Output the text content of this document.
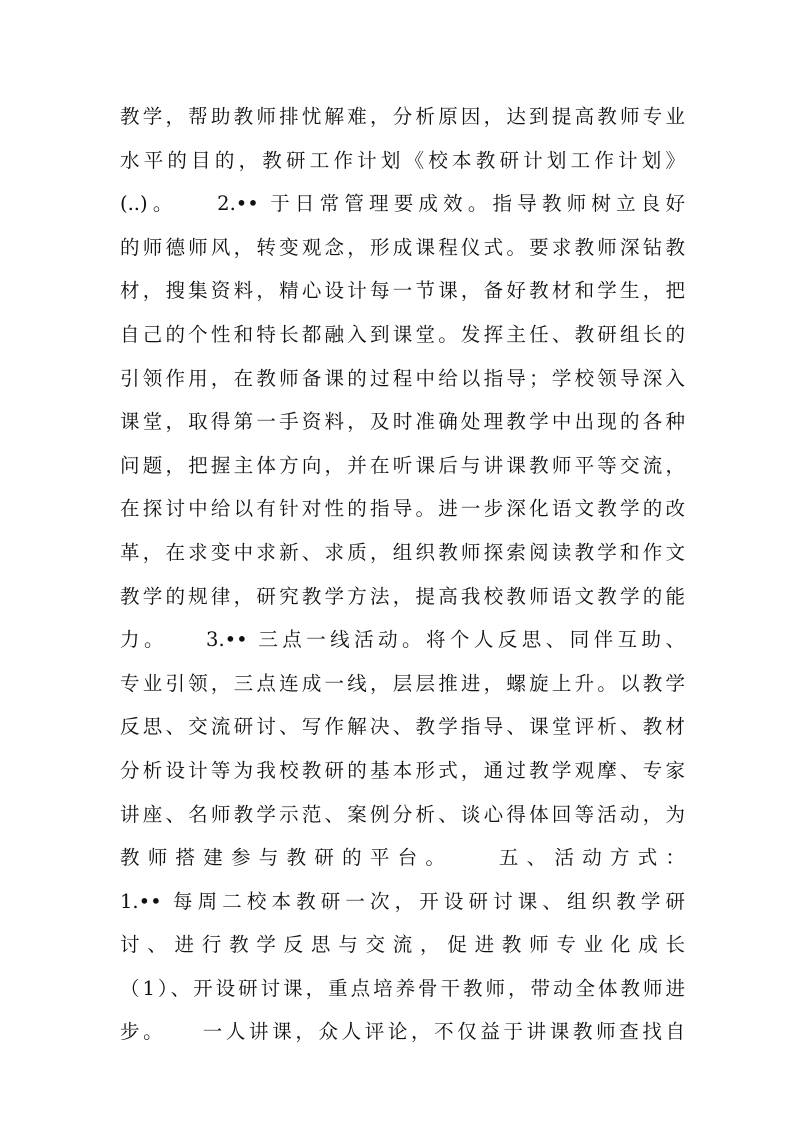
教学，帮助教师排忧解难，分析原因，达到提高教师专业
水平的目的，教研工作计划《校本教研计划工作计划》
(..)。　　2.•• 于日常管理要成效。指导教师树立良好
的师德师风，转变观念，形成课程仪式。要求教师深钻教
材，搜集资料，精心设计每一节课，备好教材和学生，把
自己的个性和特长都融入到课堂。发挥主任、教研组长的
引领作用，在教师备课的过程中给以指导；学校领导深入
课堂，取得第一手资料，及时准确处理教学中出现的各种
问题，把握主体方向，并在听课后与讲课教师平等交流，
在探讨中给以有针对性的指导。进一步深化语文教学的改
革，在求变中求新、求质，组织教师探索阅读教学和作文
教学的规律，研究教学方法，提高我校教师语文教学的能
力。　　3.•• 三点一线活动。将个人反思、同伴互助、
专业引领，三点连成一线，层层推进，螺旋上升。以教学
反思、交流研讨、写作解决、教学指导、课堂评析、教材
分析设计等为我校教研的基本形式，通过教学观摩、专家
讲座、名师教学示范、案例分析、谈心得体回等活动，为
教师搭建参与教研的平台。　　五、活动方式：
1.•• 每周二校本教研一次，开设研讨课、组织教学研
讨、进行教学反思与交流，促进教师专业化成长
（1）、开设研讨课，重点培养骨干教师，带动全体教师进
步。　　一人讲课，众人评论，不仅益于讲课教师查找自
